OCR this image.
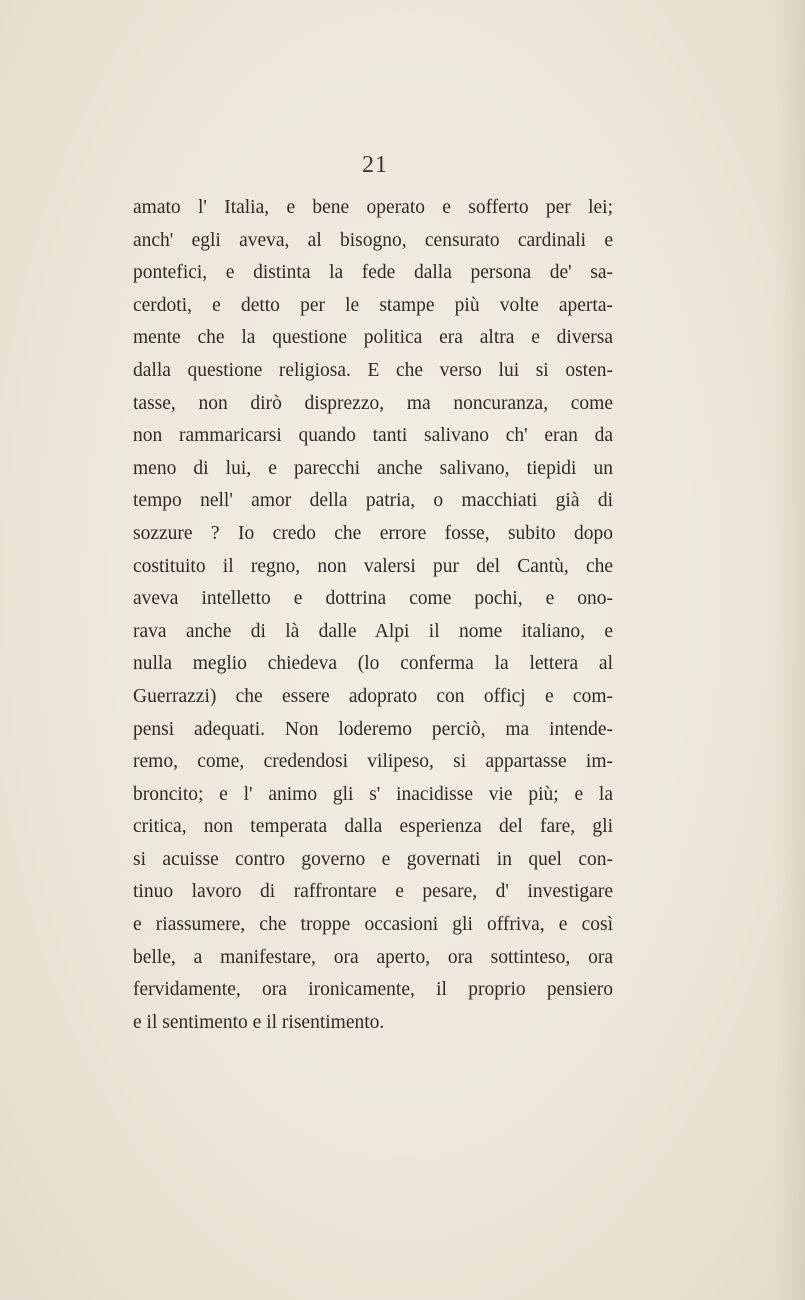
21
amato l' Italia, e bene operato e sofferto per lei;
anch' egli aveva, al bisogno, censurato cardinali e
pontefici, e distinta la fede dalla persona de' sa-
cerdoti, e detto per le stampe più volte aperta-
mente che la questione politica era altra e diversa
dalla questione religiosa. E che verso lui si osten-
tasse, non dirò disprezzo, ma noncuranza, come
non rammaricarsi quando tanti salivano ch' eran da
meno di lui, e parecchi anche salivano, tiepidi un
tempo nell' amor della patria, o macchiati già di
sozzure ? Io credo che errore fosse, subito dopo
costituito il regno, non valersi pur del Cantù, che
aveva intelletto e dottrina come pochi, e ono-
rava anche di là dalle Alpi il nome italiano, e
nulla meglio chiedeva (lo conferma la lettera al
Guerrazzi) che essere adoprato con officj e com-
pensi adequati. Non loderemo perciò, ma intende-
remo, come, credendosi vilipeso, si appartasse im-
broncito; e l' animo gli s' inacidisse vie più; e la
critica, non temperata dalla esperienza del fare, gli
si acuisse contro governo e governati in quel con-
tinuo lavoro di raffrontare e pesare, d' investigare
e riassumere, che troppe occasioni gli offriva, e così
belle, a manifestare, ora aperto, ora sottinteso, ora
fervidamente, ora ironicamente, il proprio pensiero
e il sentimento e il risentimento.
